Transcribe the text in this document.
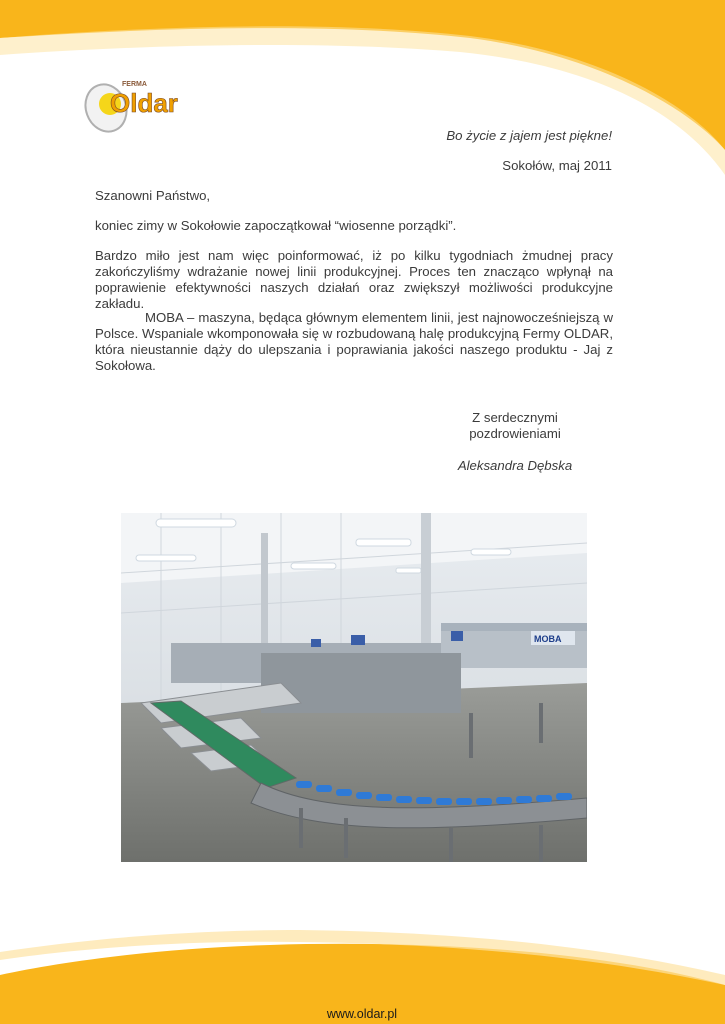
FERMA
Oldar

Bo życie z jajem jest piękne!

Sokołów, maj 2011

Szanowni Państwo,

koniec zimy w Sokołowie zapoczątkował “wiosenne porządki”.

Bardzo miło jest nam więc poinformować, iż po kilku tygodniach żmudnej pracy zakończyliśmy wdrażanie nowej linii produkcyjnej. Proces ten znacząco wpłynął na poprawienie efektywności naszych działań oraz zwiększył możliwości produkcyjne zakładu.

MOBA – maszyna, będąca głównym elementem linii, jest najnowocześniejszą w Polsce. Wspaniale wkomponowała się w rozbudowaną halę produkcyjną Fermy OLDAR, która nieustannie dąży do ulepszania i poprawiania jakości naszego produktu - Jaj z Sokołowa.

Z serdecznymi pozdrowieniami

Aleksandra Dębska

MOBA
www.oldar.pl
